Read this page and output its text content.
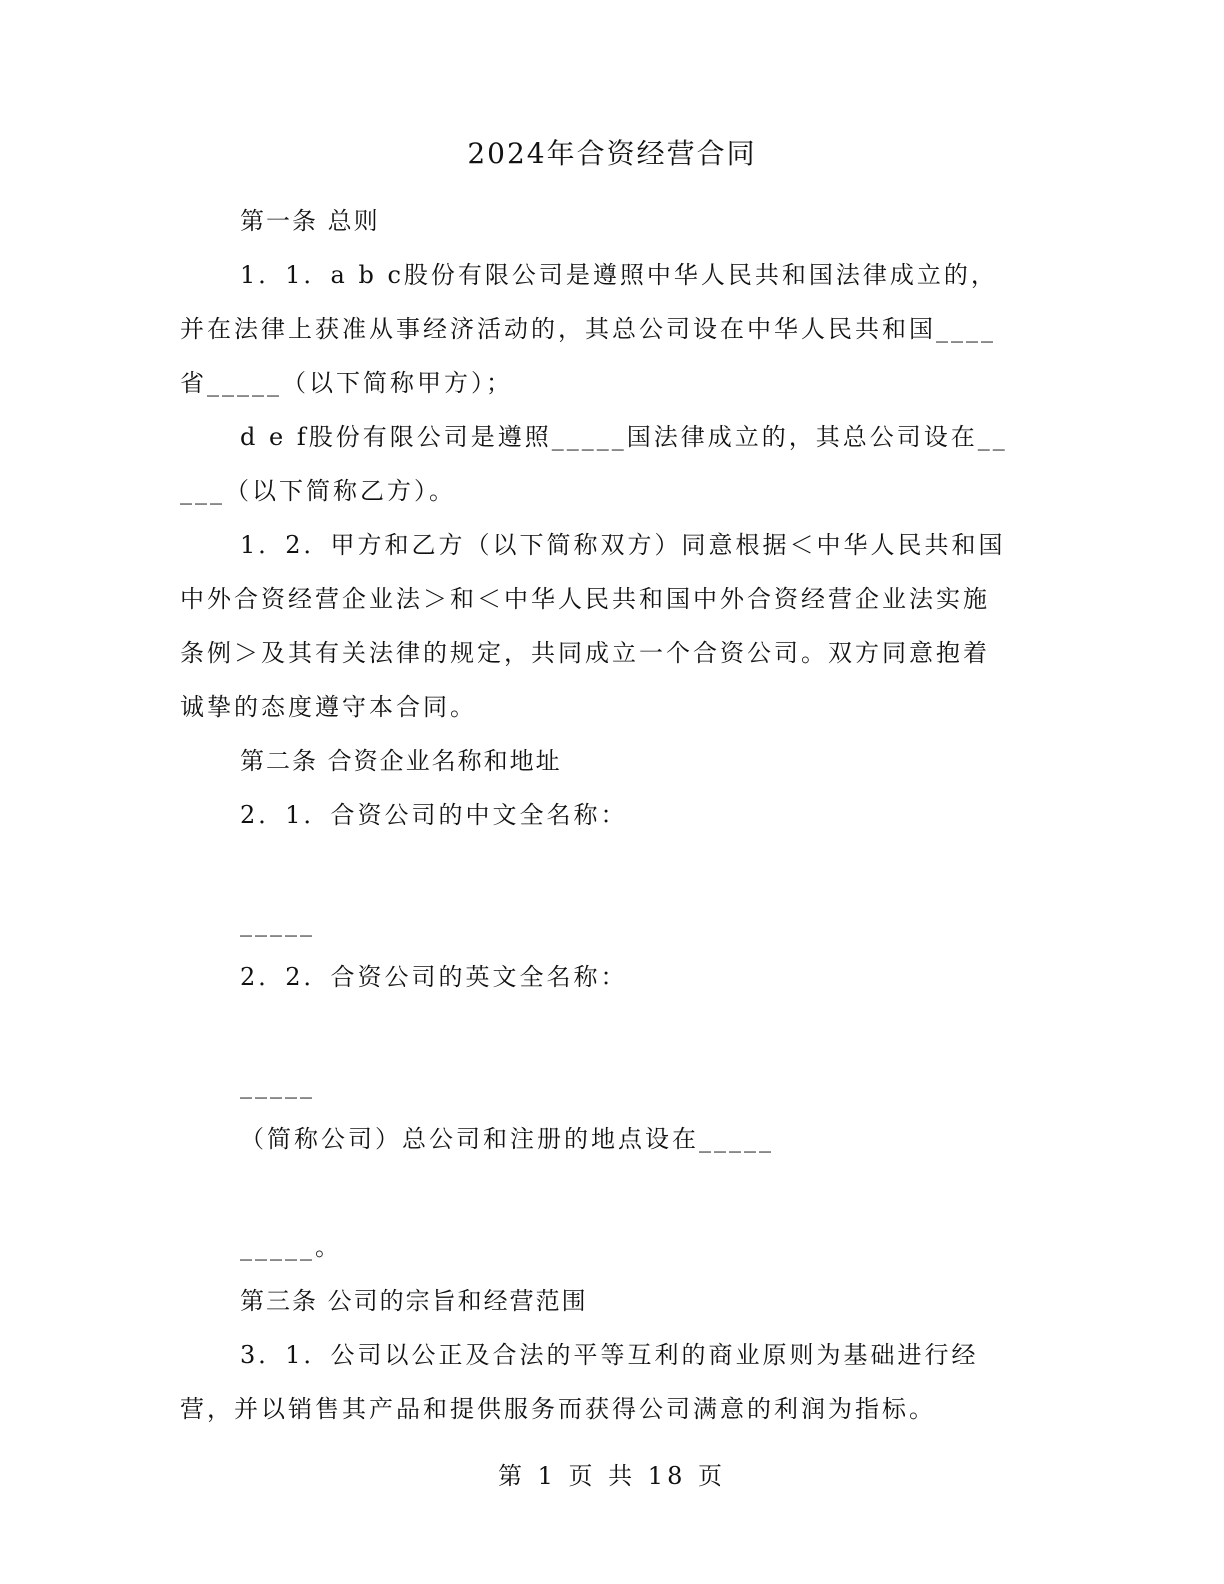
2024年合资经营合同

第一条 总则

1．1．a b c股份有限公司是遵照中华人民共和国法律成立的，并在法律上获准从事经济活动的，其总公司设在中华人民共和国____省_____（以下简称甲方）；

d e f股份有限公司是遵照_____国法律成立的，其总公司设在_____（以下简称乙方）。

1．2．甲方和乙方（以下简称双方）同意根据＜中华人民共和国中外合资经营企业法＞和＜中华人民共和国中外合资经营企业法实施条例＞及其有关法律的规定，共同成立一个合资公司。双方同意抱着诚挚的态度遵守本合同。

第二条 合资企业名称和地址

2．1．合资公司的中文全名称：

_____

2．2．合资公司的英文全名称：

_____

（简称公司）总公司和注册的地点设在_____

_____。

第三条 公司的宗旨和经营范围

3．1．公司以公正及合法的平等互利的商业原则为基础进行经营，并以销售其产品和提供服务而获得公司满意的利润为指标。

第 1 页 共 18 页
